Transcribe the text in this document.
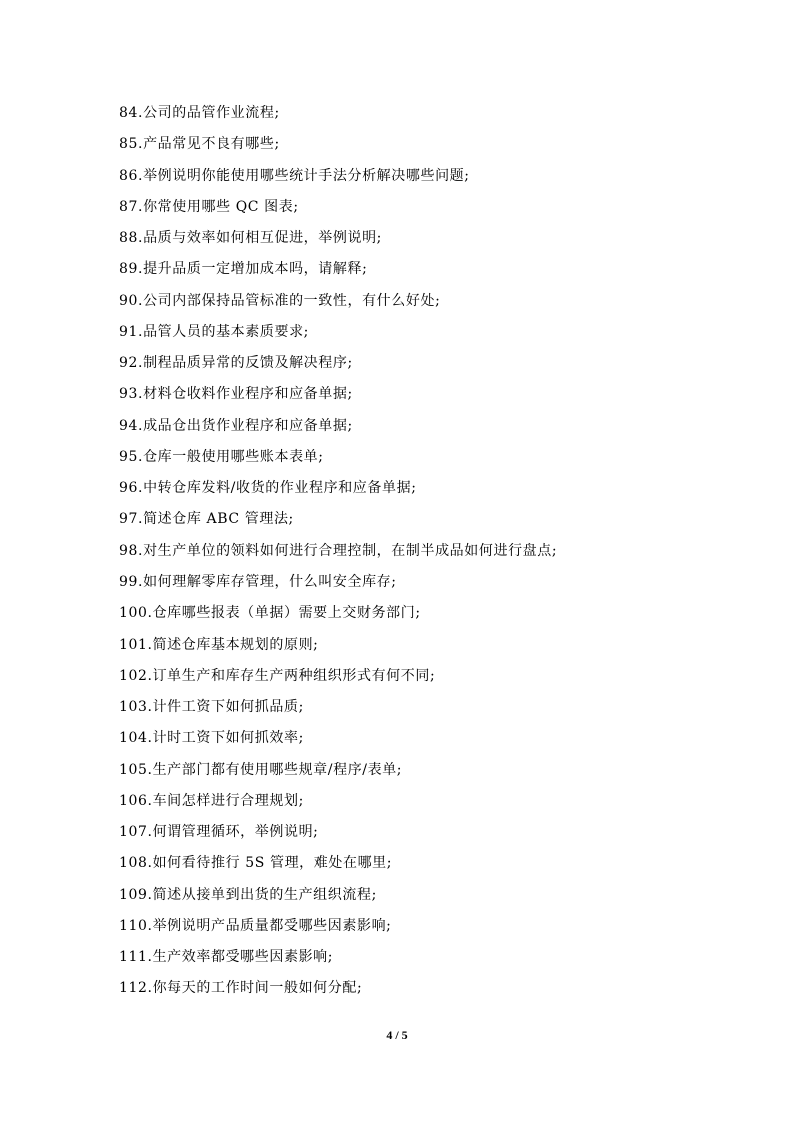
84.公司的品管作业流程;
85.产品常见不良有哪些;
86.举例说明你能使用哪些统计手法分析解决哪些问题;
87.你常使用哪些 QC 图表;
88.品质与效率如何相互促进，举例说明;
89.提升品质一定增加成本吗，请解释;
90.公司内部保持品管标准的一致性，有什么好处;
91.品管人员的基本素质要求;
92.制程品质异常的反馈及解决程序;
93.材料仓收料作业程序和应备单据;
94.成品仓出货作业程序和应备单据;
95.仓库一般使用哪些账本表单;
96.中转仓库发料/收货的作业程序和应备单据;
97.简述仓库 ABC 管理法;
98.对生产单位的领料如何进行合理控制，在制半成品如何进行盘点;
99.如何理解零库存管理，什么叫安全库存;
100.仓库哪些报表（单据）需要上交财务部门;
101.简述仓库基本规划的原则;
102.订单生产和库存生产两种组织形式有何不同;
103.计件工资下如何抓品质;
104.计时工资下如何抓效率;
105.生产部门都有使用哪些规章/程序/表单;
106.车间怎样进行合理规划;
107.何谓管理循环，举例说明;
108.如何看待推行 5S 管理，难处在哪里;
109.简述从接单到出货的生产组织流程;
110.举例说明产品质量都受哪些因素影响;
111.生产效率都受哪些因素影响;
112.你每天的工作时间一般如何分配;
4 / 5
